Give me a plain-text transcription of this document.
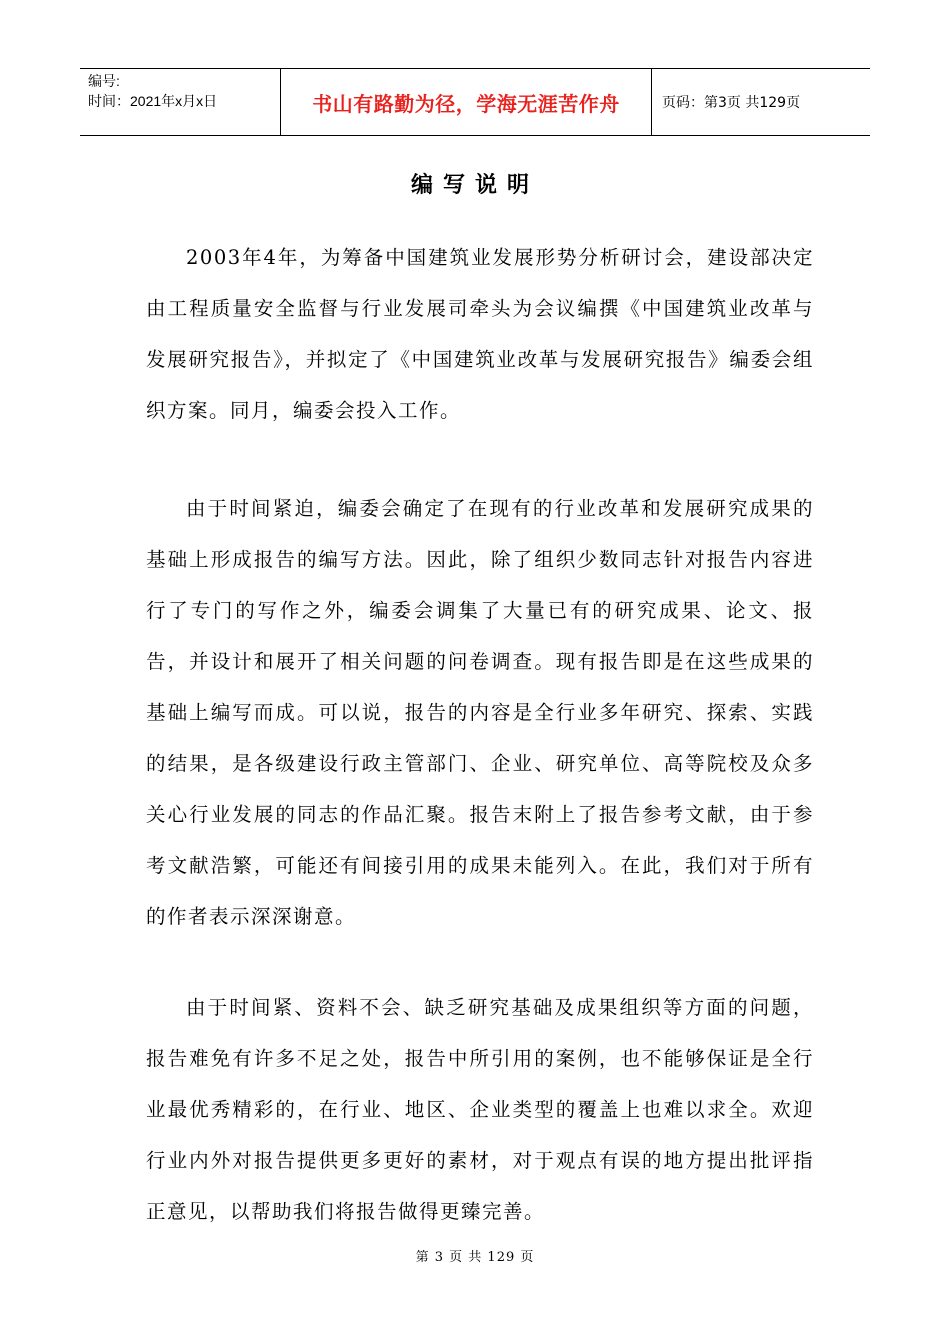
编号:
时间：2021年x月x日	书山有路勤为径，学海无涯苦作舟	页码：第3页 共129页
编写说明

2003年4年，为筹备中国建筑业发展形势分析研讨会，建设部决定由工程质量安全监督与行业发展司牵头为会议编撰《中国建筑业改革与发展研究报告》，并拟定了《中国建筑业改革与发展研究报告》编委会组织方案。同月，编委会投入工作。

由于时间紧迫，编委会确定了在现有的行业改革和发展研究成果的基础上形成报告的编写方法。因此，除了组织少数同志针对报告内容进行了专门的写作之外，编委会调集了大量已有的研究成果、论文、报告，并设计和展开了相关问题的问卷调查。现有报告即是在这些成果的基础上编写而成。可以说，报告的内容是全行业多年研究、探索、实践的结果，是各级建设行政主管部门、企业、研究单位、高等院校及众多关心行业发展的同志的作品汇聚。报告末附上了报告参考文献，由于参考文献浩繁，可能还有间接引用的成果未能列入。在此，我们对于所有的作者表示深深谢意。

由于时间紧、资料不会、缺乏研究基础及成果组织等方面的问题，报告难免有许多不足之处，报告中所引用的案例，也不能够保证是全行业最优秀精彩的，在行业、地区、企业类型的覆盖上也难以求全。欢迎行业内外对报告提供更多更好的素材，对于观点有误的地方提出批评指正意见，以帮助我们将报告做得更臻完善。

第 3 页 共 129 页
